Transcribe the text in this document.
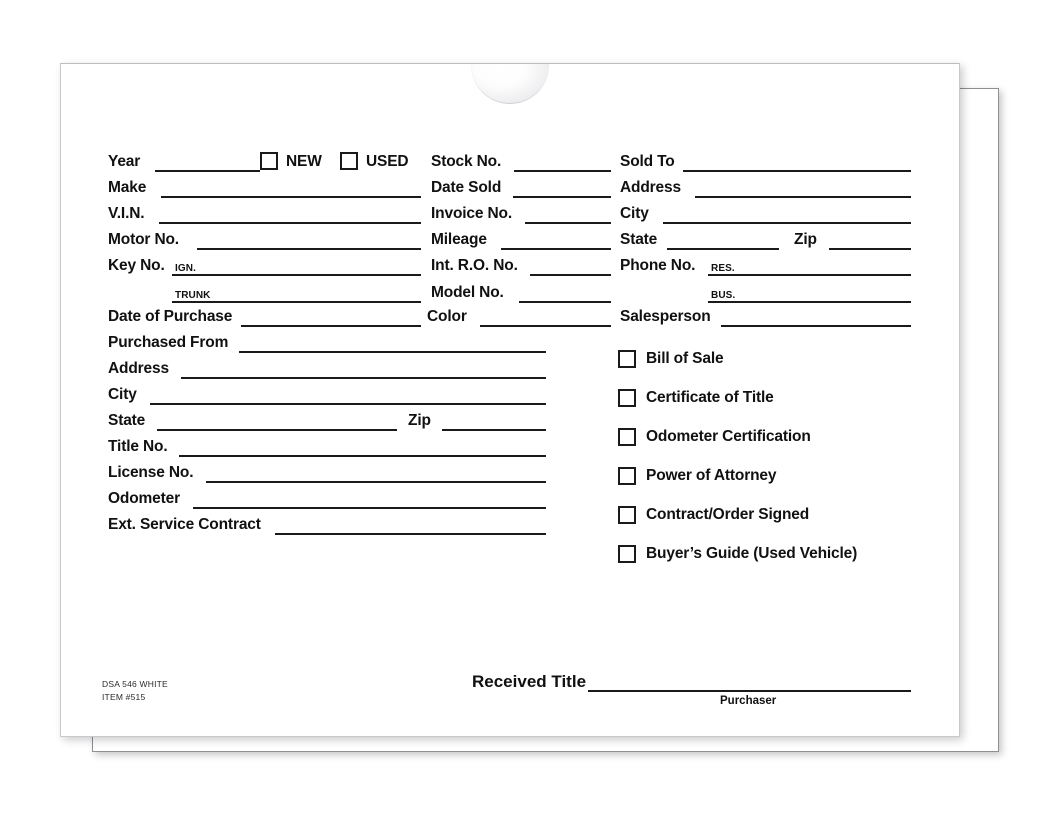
Year	NEW	USED Stock No.	Sold To
Make	Date Sold	Address
V.I.N.	Invoice No.	City
Motor No.	Mileage	State	Zip
Key No. IGN.	Int. R.O. No.	Phone No. RES.
TRUNK	Model No.	BUS.
Date of Purchase	Color	Salesperson
Purchased From
Address
City
State	Zip
Title No.
License No.
Odometer
Ext. Service Contract
Bill of Sale
Certificate of Title
Odometer Certification
Power of Attorney
Contract/Order Signed
Buyer’s Guide (Used Vehicle)
DSA 546 WHITE
ITEM #515
Received Title
Purchaser
